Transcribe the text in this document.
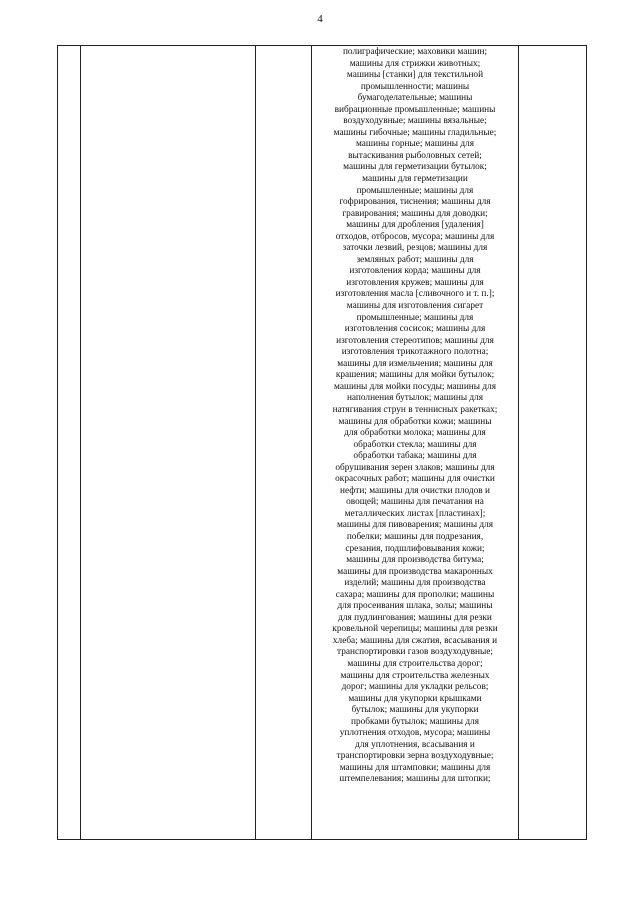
4
полиграфические; маховики машин;
машины для стрижки животных;
машины [станки] для текстильной
промышленности; машины
бумагоделательные; машины
вибрационные промышленные; машины
воздуходувные; машины вязальные;
машины гибочные; машины гладильные;
машины горные; машины для
вытаскивания рыболовных сетей;
машины для герметизации бутылок;
машины для герметизации
промышленные; машины для
гофрирования, тиснения; машины для
гравирования; машины для доводки;
машины для дробления [удаления]
отходов, отбросов, мусора; машины для
заточки лезвий, резцов; машины для
земляных работ; машины для
изготовления корда; машины для
изготовления кружев; машины для
изготовления масла [сливочного и т. п.];
машины для изготовления сигарет
промышленные; машины для
изготовления сосисок; машины для
изготовления стереотипов; машины для
изготовления трикотажного полотна;
машины для измельчения; машины для
крашения; машины для мойки бутылок;
машины для мойки посуды; машины для
наполнения бутылок; машины для
натягивания струн в теннисных ракетках;
машины для обработки кожи; машины
для обработки молока; машины для
обработки стекла; машины для
обработки табака; машины для
обрушивания зерен злаков; машины для
окрасочных работ; машины для очистки
нефти; машины для очистки плодов и
овощей; машины для печатания на
металлических листах [пластинах];
машины для пивоварения; машины для
побелки; машины для подрезания,
срезания, подшлифовывания кожи;
машины для производства битума;
машины для производства макаронных
изделий; машины для производства
сахара; машины для прополки; машины
для просеивания шлака, золы; машины
для пудлингования; машины для резки
кровельной черепицы; машины для резки
хлеба; машины для сжатия, всасывания и
транспортировки газов воздуходувные;
машины для строительства дорог;
машины для строительства железных
дорог; машины для укладки рельсов;
машины для укупорки крышками
бутылок; машины для укупорки
пробками бутылок; машины для
уплотнения отходов, мусора; машины
для уплотнения, всасывания и
транспортировки зерна воздуходувные;
машины для штамповки; машины для
штемпелевания; машины для штопки;
